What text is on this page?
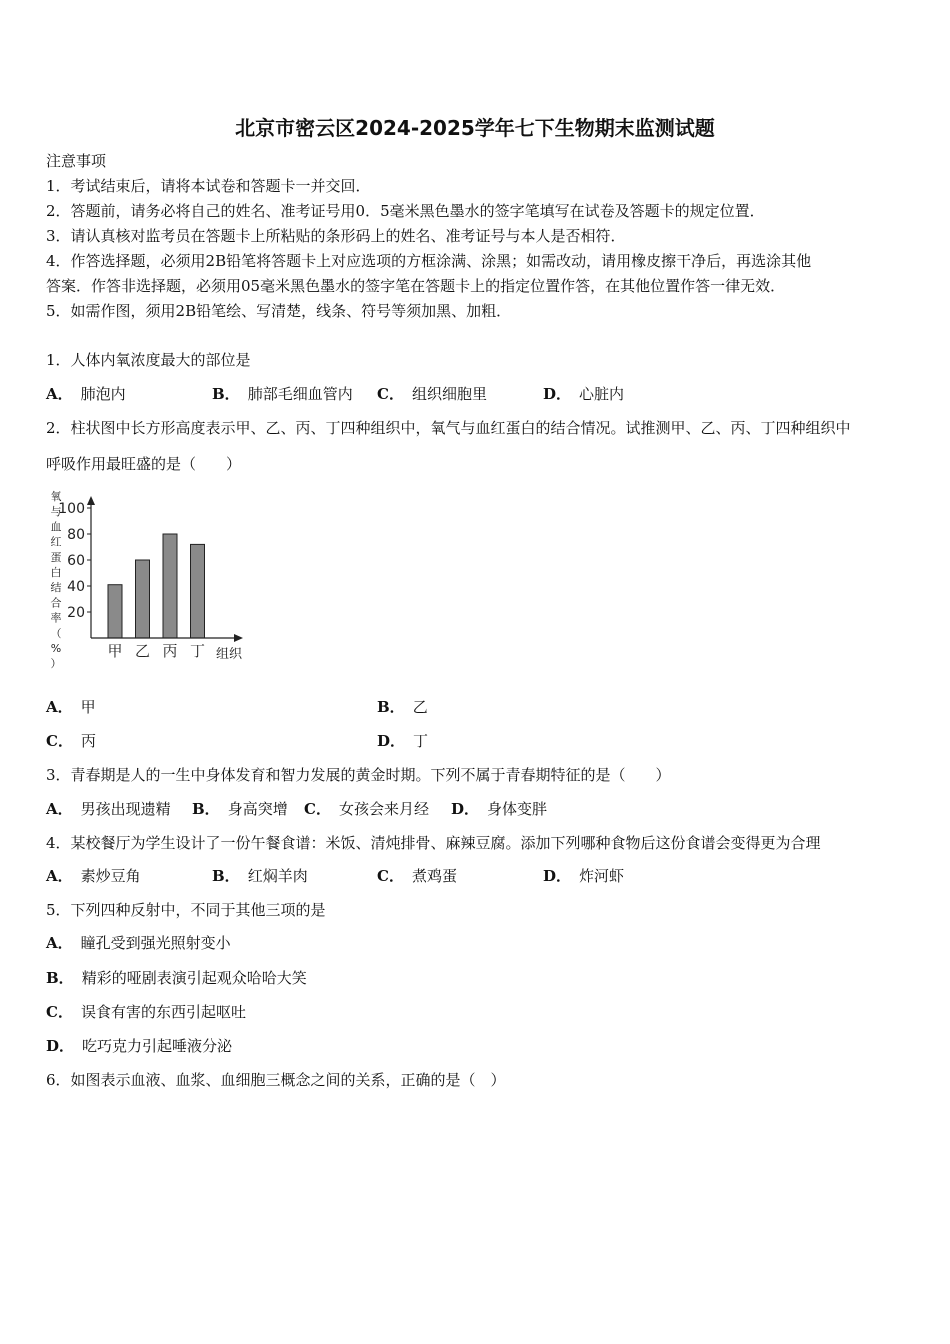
北京市密云区2024-2025学年七下生物期末监测试题
注意事项
1．考试结束后，请将本试卷和答题卡一并交回．
2．答题前，请务必将自己的姓名、准考证号用0．5毫米黑色墨水的签字笔填写在试卷及答题卡的规定位置．
3．请认真核对监考员在答题卡上所粘贴的条形码上的姓名、准考证号与本人是否相符．
4．作答选择题，必须用2B铅笔将答题卡上对应选项的方框涂满、涂黑；如需改动，请用橡皮擦干净后，再选涂其他
答案．作答非选择题，必须用05毫米黑色墨水的签字笔在答题卡上的指定位置作答，在其他位置作答一律无效．
5．如需作图，须用2B铅笔绘、写清楚，线条、符号等须加黑、加粗．
1．人体内氧浓度最大的部位是
A． 肺泡内	B． 肺部毛细血管内 C． 组织细胞里	D． 心脏内
2．柱状图中长方形高度表示甲、乙、丙、丁四种组织中，氧气与血红蛋白的结合情况。试推测甲、乙、丙、丁四种组织中
呼吸作用最旺盛的是（　　）
氧
与
血
红
蛋
白
结
合
率
（
%
）
20
40
60
80
100
甲 乙 丙 丁 组织
A． 甲	B． 乙
C． 丙	D． 丁
3．青春期是人的一生中身体发育和智力发展的黄金时期。下列不属于青春期特征的是（　　）
A． 男孩出现遗精 B． 身高突增 C． 女孩会来月经 D． 身体变胖
4．某校餐厅为学生设计了一份午餐食谱：米饭、清炖排骨、麻辣豆腐。添加下列哪种食物后这份食谱会变得更为合理
A． 素炒豆角	B． 红焖羊肉	C． 煮鸡蛋	D． 炸河虾
5．下列四种反射中，不同于其他三项的是
A． 瞳孔受到强光照射变小
B． 精彩的哑剧表演引起观众哈哈大笑
C． 误食有害的东西引起呕吐
D． 吃巧克力引起唾液分泌
6．如图表示血液、血浆、血细胞三概念之间的关系，正确的是（　）
